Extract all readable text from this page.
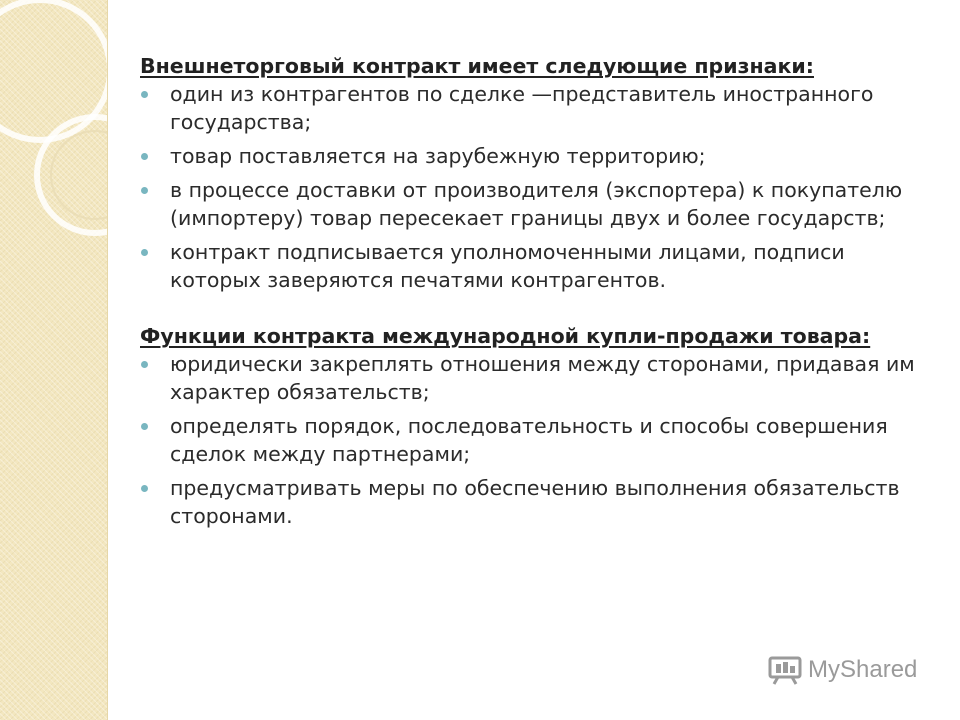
Внешнеторговый контракт имеет следующие признаки:
один из контрагентов по сделке —представитель иностранного государства;
товар поставляется на зарубежную территорию;
в процессе доставки от производителя (экспортера) к покупателю (импортеру) товар пересекает границы двух и более государств;
контракт подписывается уполномоченными лицами, подписи которых заверяются печатями контрагентов.
Функции контракта международной купли-продажи товара:
юридически закреплять отношения между сторонами, придавая им характер обязательств;
определять порядок, последовательность и способы совершения сделок между партнерами;
предусматривать меры по обеспечению выполнения обязательств сторонами.
MyShared
